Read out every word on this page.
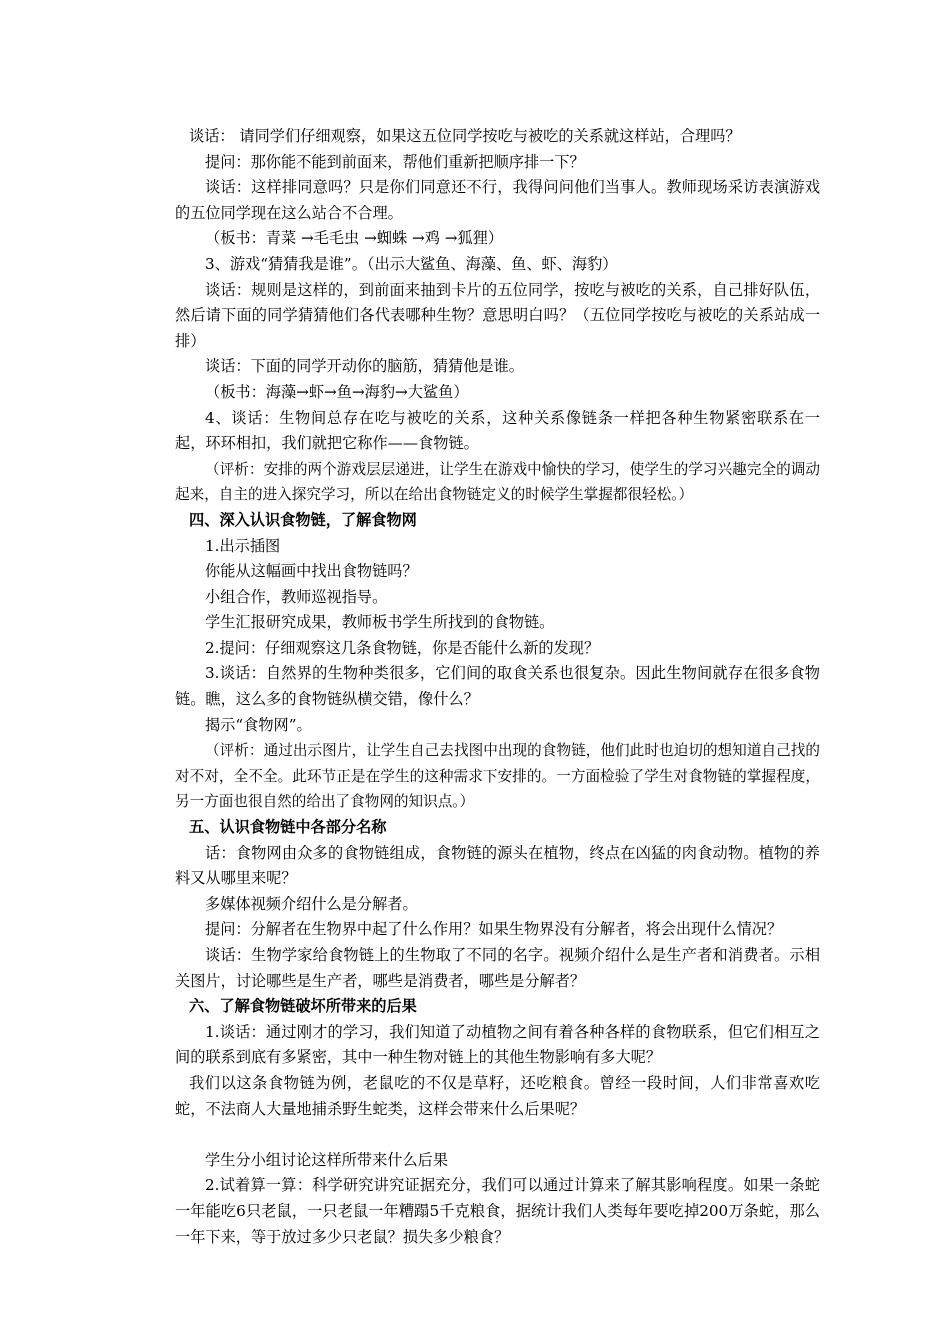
谈话： 请同学们仔细观察，如果这五位同学按吃与被吃的关系就这样站，合理吗？

提问：那你能不能到前面来，帮他们重新把顺序排一下？

谈话：这样排同意吗？只是你们同意还不行，我得问问他们当事人。教师现场采访表演游戏的五位同学现在这么站合不合理。

（板书：青菜 →毛毛虫 →蜘蛛 →鸡 →狐狸）

3、游戏“猜猜我是谁”。（出示大鲨鱼、海藻、鱼、虾、海豹）

谈话：规则是这样的，到前面来抽到卡片的五位同学，按吃与被吃的关系，自己排好队伍，然后请下面的同学猜猜他们各代表哪种生物？意思明白吗？（五位同学按吃与被吃的关系站成一排）

谈话：下面的同学开动你的脑筋，猜猜他是谁。

（板书：海藻→虾→鱼→海豹→大鲨鱼）

4、谈话：生物间总存在吃与被吃的关系，这种关系像链条一样把各种生物紧密联系在一起，环环相扣，我们就把它称作——食物链。

（评析：安排的两个游戏层层递进，让学生在游戏中愉快的学习，使学生的学习兴趣完全的调动起来，自主的进入探究学习，所以在给出食物链定义的时候学生掌握都很轻松。）

四、深入认识食物链，了解食物网

1.出示插图

你能从这幅画中找出食物链吗？

小组合作，教师巡视指导。

学生汇报研究成果，教师板书学生所找到的食物链。

2.提问：仔细观察这几条食物链，你是否能什么新的发现？

3.谈话：自然界的生物种类很多，它们间的取食关系也很复杂。因此生物间就存在很多食物链。瞧，这么多的食物链纵横交错，像什么？

揭示“食物网”。

（评析：通过出示图片，让学生自己去找图中出现的食物链，他们此时也迫切的想知道自己找的对不对，全不全。此环节正是在学生的这种需求下安排的。一方面检验了学生对食物链的掌握程度，另一方面也很自然的给出了食物网的知识点。）

五、认识食物链中各部分名称

话：食物网由众多的食物链组成，食物链的源头在植物，终点在凶猛的肉食动物。植物的养料又从哪里来呢？

多媒体视频介绍什么是分解者。

提问：分解者在生物界中起了什么作用？如果生物界没有分解者，将会出现什么情况？

谈话：生物学家给食物链上的生物取了不同的名字。视频介绍什么是生产者和消费者。示相关图片，讨论哪些是生产者，哪些是消费者，哪些是分解者？

六、了解食物链破坏所带来的后果

1.谈话：通过刚才的学习，我们知道了动植物之间有着各种各样的食物联系，但它们相互之间的联系到底有多紧密，其中一种生物对链上的其他生物影响有多大呢？

我们以这条食物链为例，老鼠吃的不仅是草籽，还吃粮食。曾经一段时间，人们非常喜欢吃蛇，不法商人大量地捕杀野生蛇类，这样会带来什么后果呢？

学生分小组讨论这样所带来什么后果

2.试着算一算：科学研究讲究证据充分，我们可以通过计算来了解其影响程度。如果一条蛇一年能吃6只老鼠，一只老鼠一年糟蹋5千克粮食，据统计我们人类每年要吃掉200万条蛇，那么一年下来，等于放过多少只老鼠？损失多少粮食？
